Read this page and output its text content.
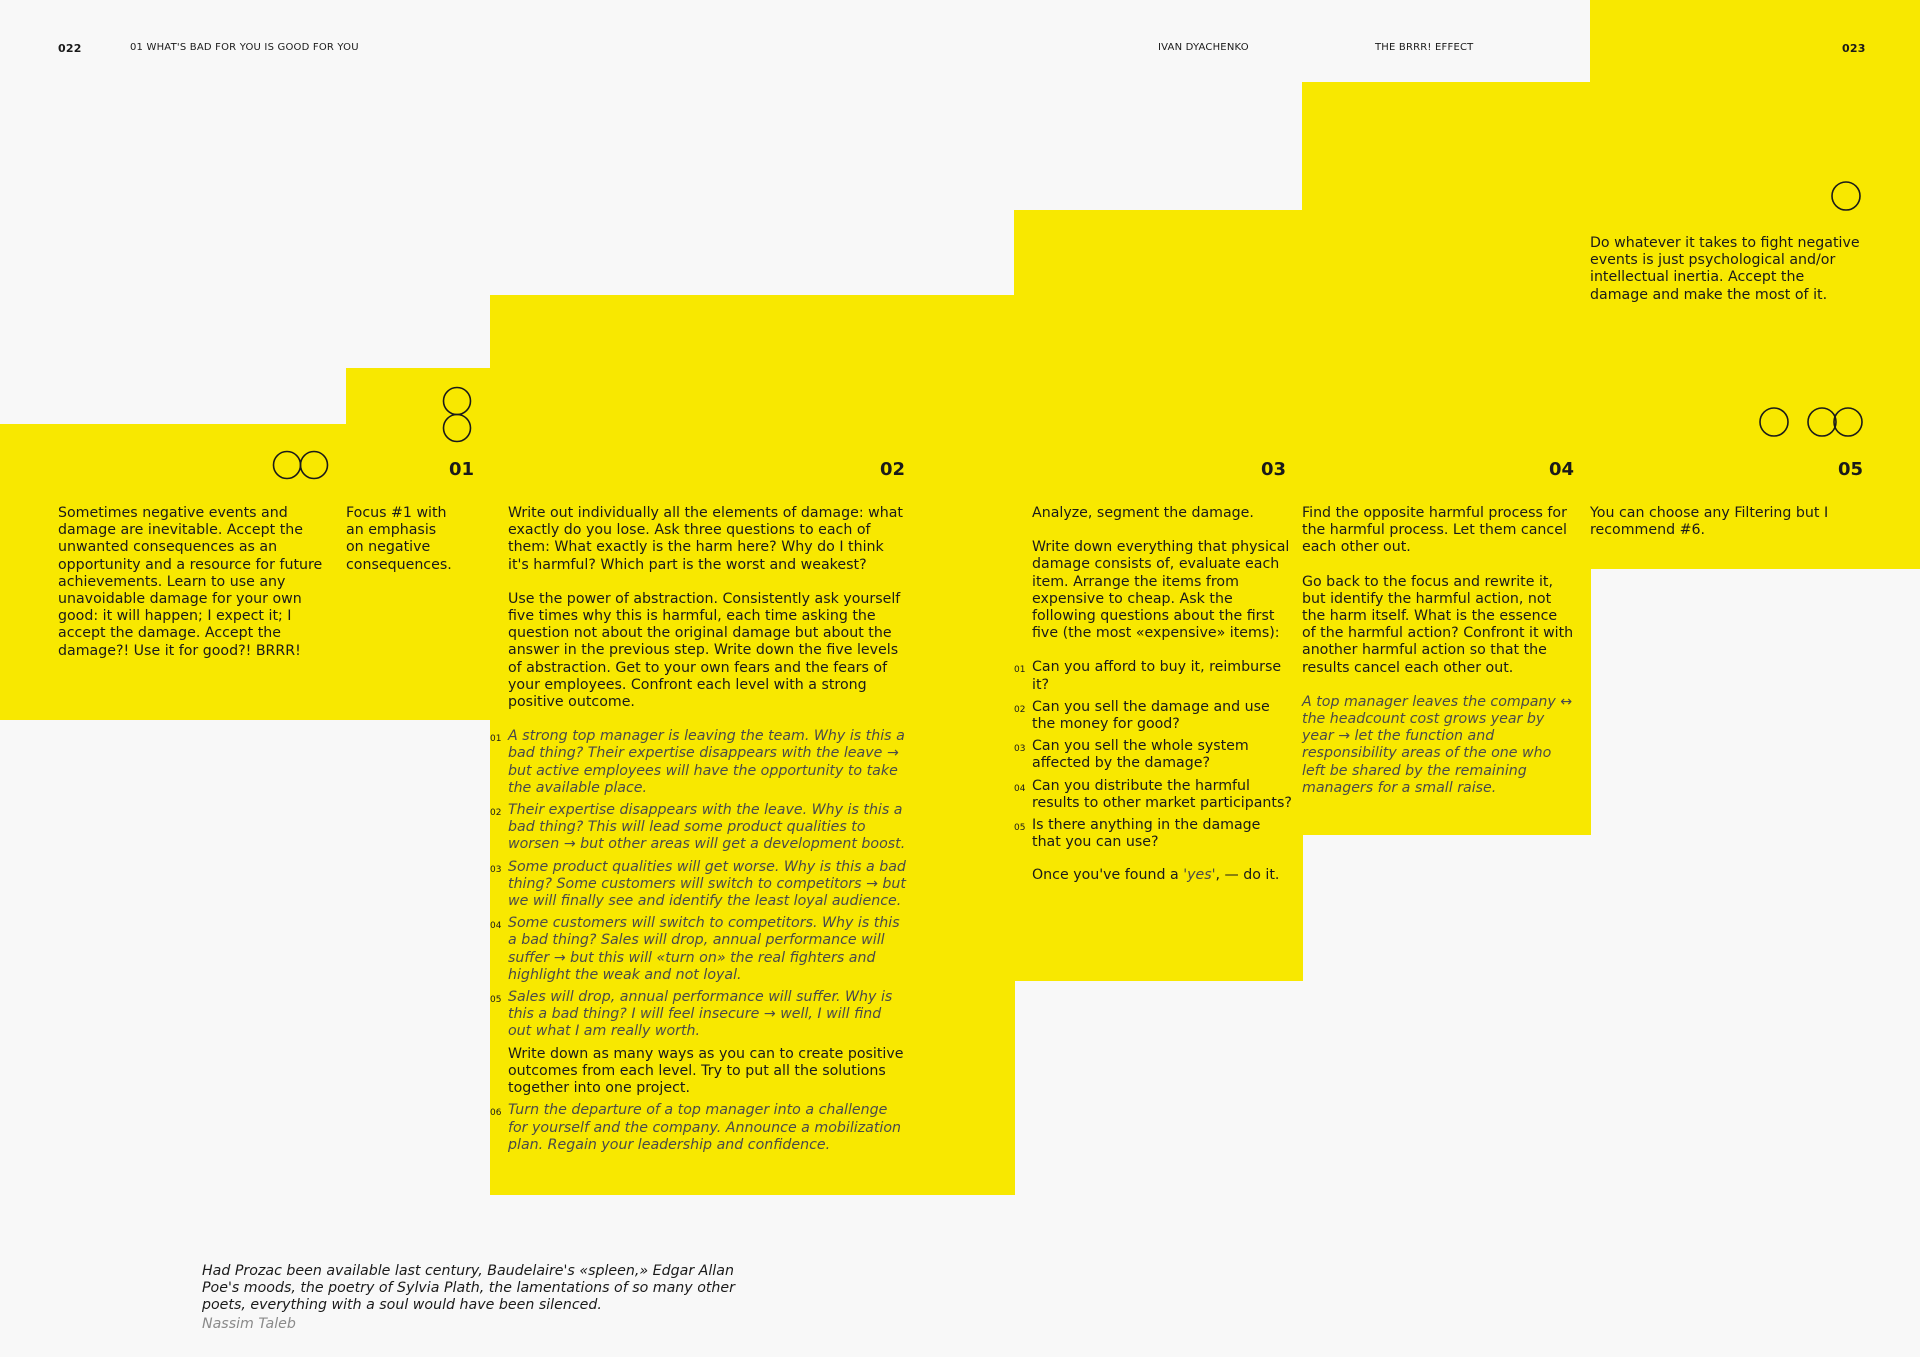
022	01 WHAT'S BAD FOR YOU IS GOOD FOR YOU	IVAN DYACHENKO	THE BRRR! EFFECT	023
01	02	03	04	05

Sometimes negative events and damage are inevitable. Accept the unwanted consequences as an opportunity and a resource for future achievements. Learn to use any unavoidable damage for your own good: it will happen; I expect it; I accept the damage. Accept the damage?! Use it for good?! BRRR!

Focus #1 with an emphasis on negative consequences.

Write out individually all the elements of damage: what exactly do you lose. Ask three questions to each of them: What exactly is the harm here? Why do I think it's harmful? Which part is the worst and weakest?

Use the power of abstraction. Consistently ask yourself five times why this is harmful, each time asking the question not about the original damage but about the answer in the previous step. Write down the five levels of abstraction. Get to your own fears and the fears of your employees. Confront each level with a strong positive outcome.

01 A strong top manager is leaving the team. Why is this a bad thing? Their expertise disappears with the leave → but active employees will have the opportunity to take the available place.
02 Their expertise disappears with the leave. Why is this a bad thing? This will lead some product qualities to worsen → but other areas will get a development boost.
03 Some product qualities will get worse. Why is this a bad thing? Some customers will switch to competitors → but we will finally see and identify the least loyal audience.
04 Some customers will switch to competitors. Why is this a bad thing? Sales will drop, annual performance will suffer → but this will «turn on» the real fighters and highlight the weak and not loyal.
05 Sales will drop, annual performance will suffer. Why is this a bad thing? I will feel insecure → well, I will find out what I am really worth.
Write down as many ways as you can to create positive outcomes from each level. Try to put all the solutions together into one project.
06 Turn the departure of a top manager into a challenge for yourself and the company. Announce a mobilization plan. Regain your leadership and confidence.

Analyze, segment the damage.

Write down everything that physical damage consists of, evaluate each item. Arrange the items from expensive to cheap. Ask the following questions about the first five (the most «expensive» items):

01 Can you afford to buy it, reimburse it?
02 Can you sell the damage and use the money for good?
03 Can you sell the whole system affected by the damage?
04 Can you distribute the harmful results to other market participants?
05 Is there anything in the damage that you can use?

Once you've found a 'yes', — do it.

Find the opposite harmful process for the harmful process. Let them cancel each other out.

Go back to the focus and rewrite it, but identify the harmful action, not the harm itself. What is the essence of the harmful action? Confront it with another harmful action so that the results cancel each other out.

A top manager leaves the company ↔ the headcount cost grows year by year → let the function and responsibility areas of the one who left be shared by the remaining managers for a small raise.

Do whatever it takes to fight negative events is just psychological and/or intellectual inertia. Accept the damage and make the most of it.

You can choose any Filtering but I recommend #6.

Had Prozac been available last century, Baudelaire's «spleen,» Edgar Allan Poe's moods, the poetry of Sylvia Plath, the lamentations of so many other poets, everything with a soul would have been silenced.
Nassim Taleb
